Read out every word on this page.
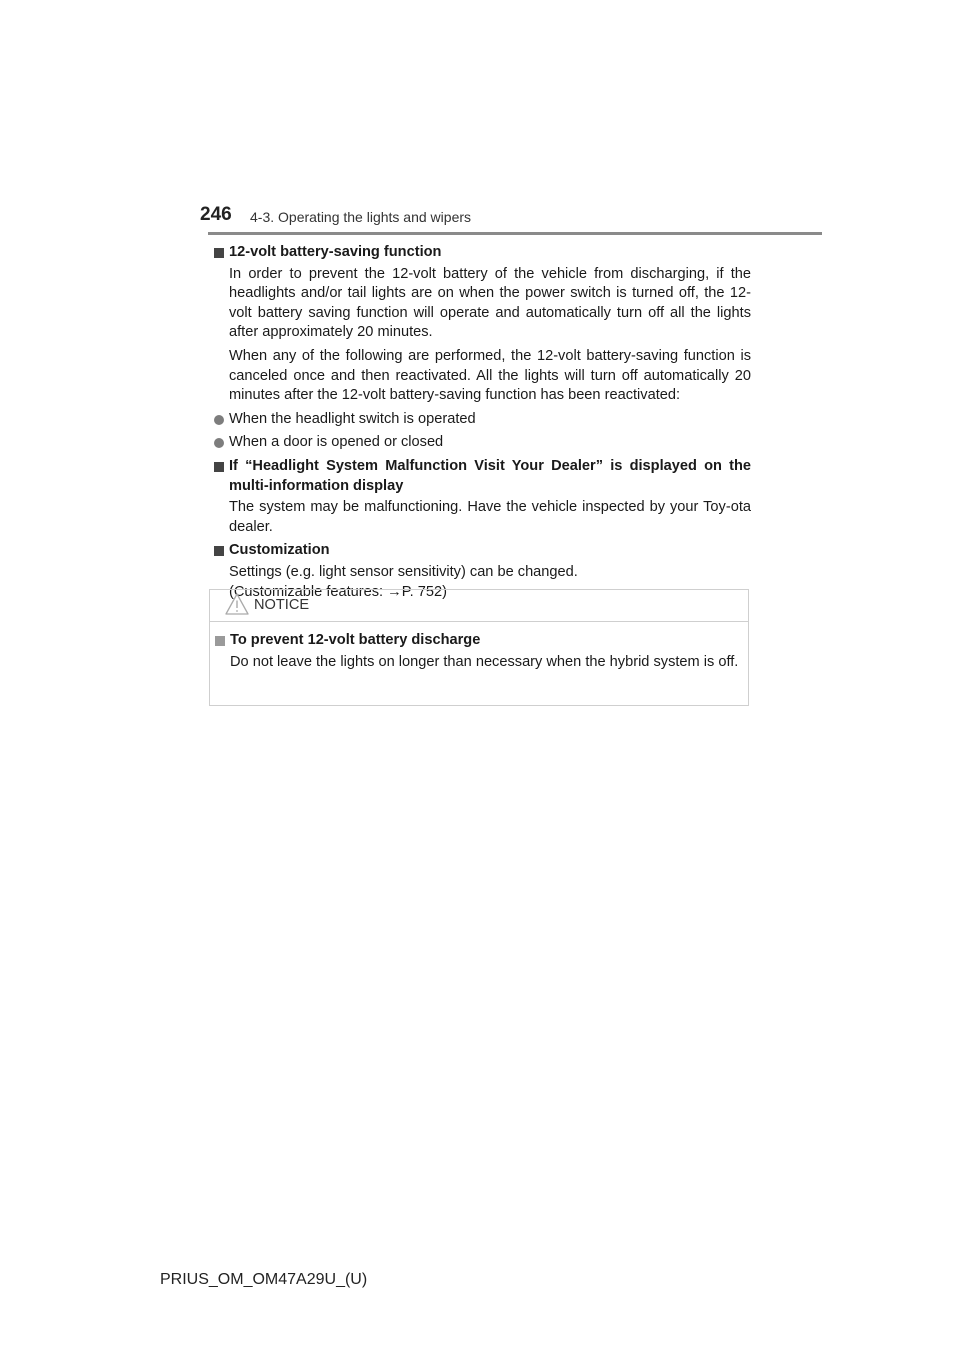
246 4-3. Operating the lights and wipers
12-volt battery-saving function
In order to prevent the 12-volt battery of the vehicle from discharging, if the headlights and/or tail lights are on when the power switch is turned off, the 12-volt battery saving function will operate and automatically turn off all the lights after approximately 20 minutes.
When any of the following are performed, the 12-volt battery-saving function is canceled once and then reactivated. All the lights will turn off automatically 20 minutes after the 12-volt battery-saving function has been reactivated:
When the headlight switch is operated
When a door is opened or closed
If “Headlight System Malfunction Visit Your Dealer” is displayed on the multi-information display
The system may be malfunctioning. Have the vehicle inspected by your Toy-ota dealer.
Customization
Settings (e.g. light sensor sensitivity) can be changed.
(Customizable features: →P. 752)
NOTICE
To prevent 12-volt battery discharge
Do not leave the lights on longer than necessary when the hybrid system is off.
PRIUS_OM_OM47A29U_(U)
